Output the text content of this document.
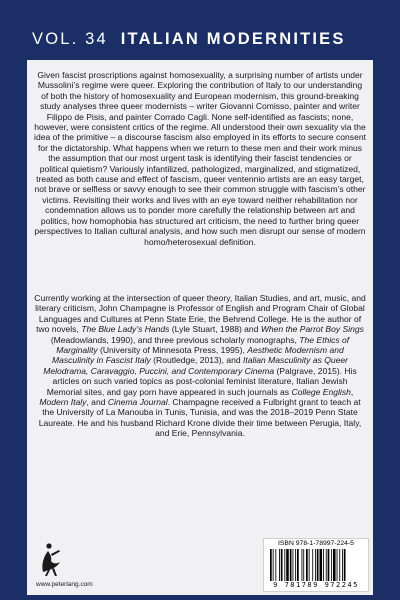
VOL. 34 ITALIAN MODERNITIES

Given fascist proscriptions against homosexuality, a surprising number of artists under Mussolini’s regime were queer. Exploring the contribution of Italy to our understanding of both the history of homosexuality and European modernism, this ground-breaking study analyses three queer modernists – writer Giovanni Comisso, painter and writer Filippo de Pisis, and painter Corrado Cagli. None self-identified as fascists; none, however, were consistent critics of the regime. All understood their own sexuality via the idea of the primitive – a discourse fascism also employed in its efforts to secure consent for the dictatorship. What happens when we return to these men and their work minus the assumption that our most urgent task is identifying their fascist tendencies or political quietism? Variously infantilized, pathologized, marginalized, and stigmatized, treated as both cause and effect of fascism, queer ventennio artists are an easy target, not brave or selfless or savvy enough to see their common struggle with fascism’s other victims. Revisiting their works and lives with an eye toward neither rehabilitation nor condemnation allows us to ponder more carefully the relationship between art and politics, how homophobia has structured art criticism, the need to further bring queer perspectives to Italian cultural analysis, and how such men disrupt our sense of modern homo/heterosexual definition.

Currently working at the intersection of queer theory, Italian Studies, and art, music, and literary criticism, John Champagne is Professor of English and Program Chair of Global Languages and Cultures at Penn State Erie, the Behrend College. He is the author of two novels, The Blue Lady’s Hands (Lyle Stuart, 1988) and When the Parrot Boy Sings (Meadowlands, 1990), and three previous scholarly monographs, The Ethics of Marginality (University of Minnesota Press, 1995), Aesthetic Modernism and Masculinity in Fascist Italy (Routledge, 2013), and Italian Masculinity as Queer Melodrama, Caravaggio, Puccini, and Contemporary Cinema (Palgrave, 2015). His articles on such varied topics as post-colonial feminist literature, Italian Jewish Memorial sites, and gay porn have appeared in such journals as College English, Modern Italy, and Cinema Journal. Champagne received a Fulbright grant to teach at the University of La Manouba in Tunis, Tunisia, and was the 2018–2019 Penn State Laureate. He and his husband Richard Krone divide their time between Perugia, Italy, and Erie, Pennsylvania.

www.peterlang.com
ISBN 978-1-78997-224-5
9 781789 972245
